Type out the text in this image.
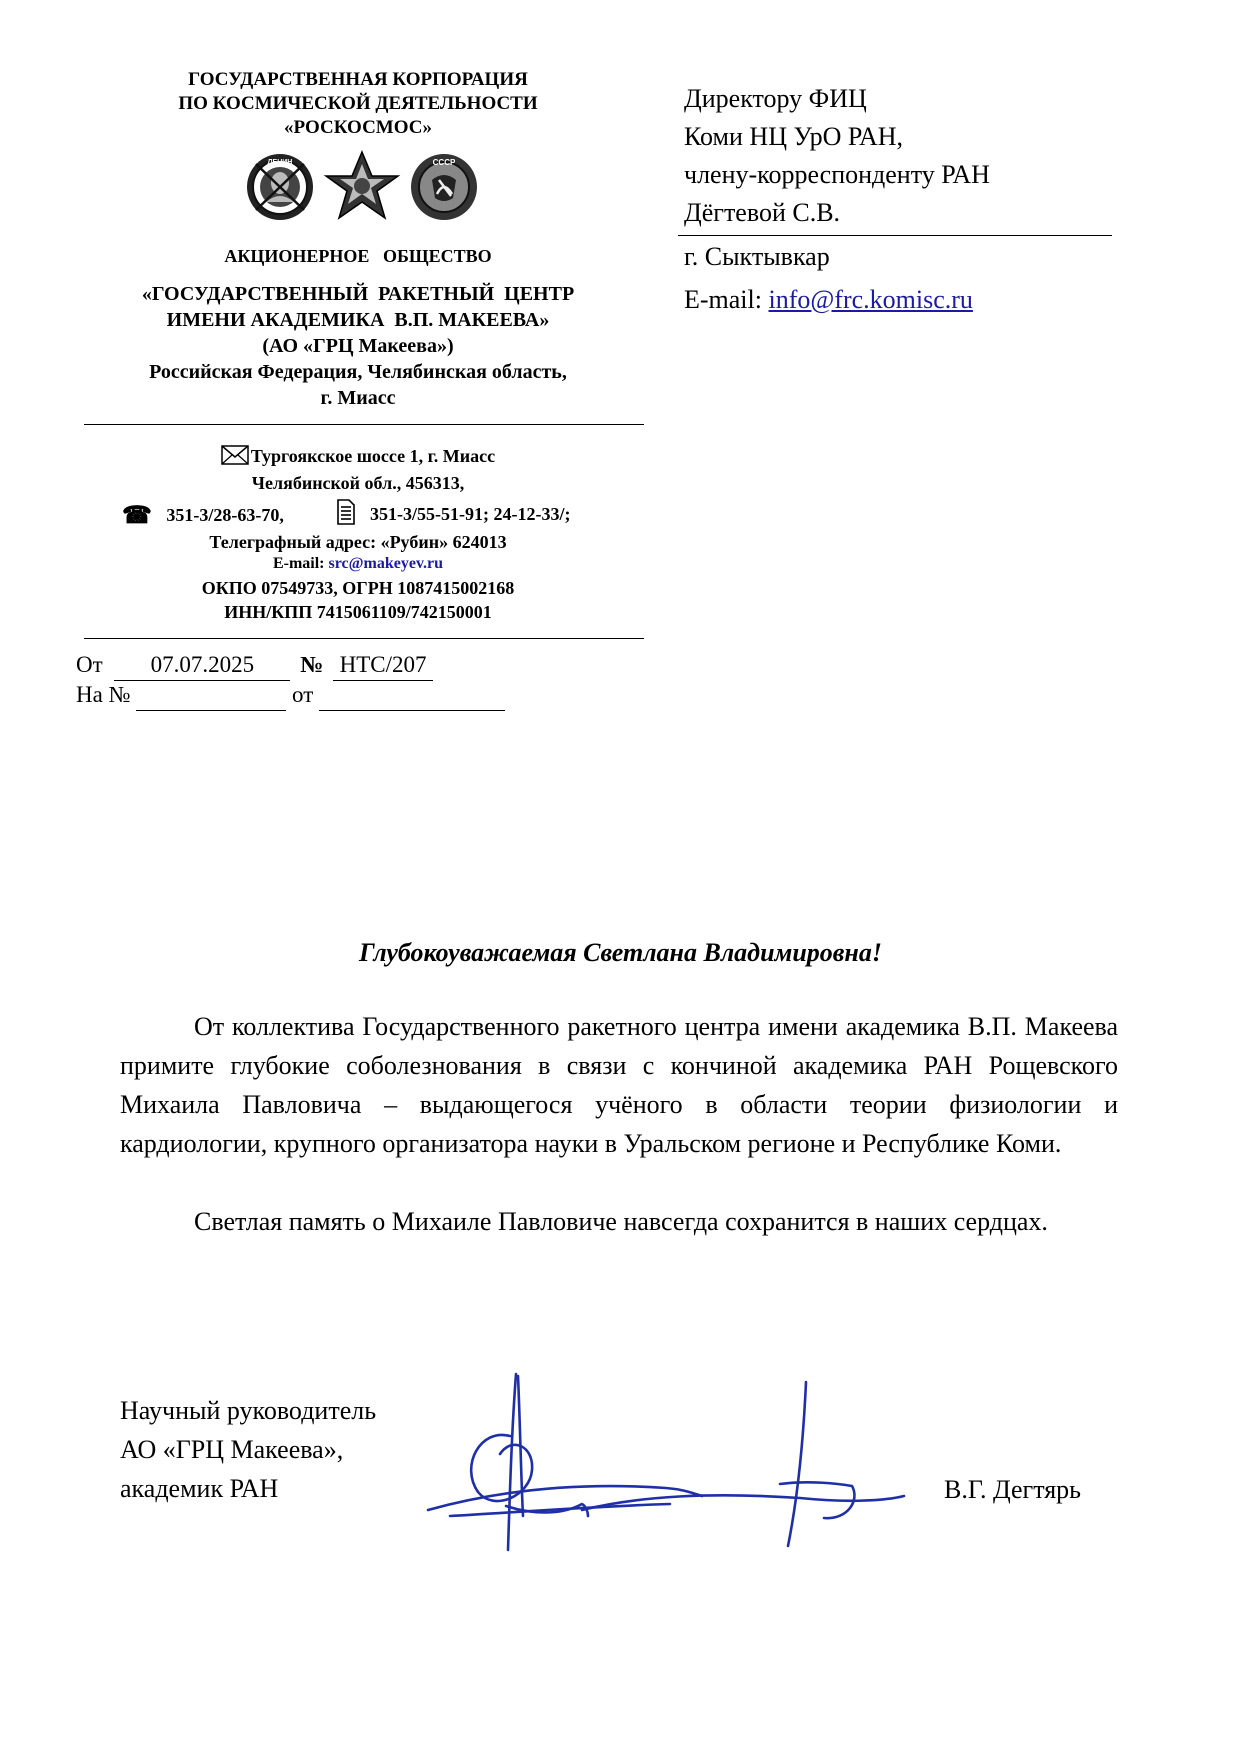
ГОСУДАРСТВЕННАЯ КОРПОРАЦИЯ
ПО КОСМИЧЕСКОЙ ДЕЯТЕЛЬНОСТИ
«РОСКОСМОС»
ЛЕНИН	СССР
АКЦИОНЕРНОЕ   ОБЩЕСТВО
«ГОСУДАРСТВЕННЫЙ  РАКЕТНЫЙ  ЦЕНТР
ИМЕНИ АКАДЕМИКА  В.П. МАКЕЕВА»
(АО «ГРЦ Макеева»)
Российская Федерация, Челябинская область,
г. Миасс
Тургоякское шоссе 1, г. Миасс
Челябинской обл., 456313,
☎ 351-3/28-63-70,	351-3/55-51-91; 24-12-33/;
Телеграфный адрес: «Рубин» 624013
E-mail: src@makeyev.ru
ОКПО 07549733, ОГРН 1087415002168
ИНН/КПП 7415061109/742150001
От 07.07.2025 № НТС/207
На №	от
Директору ФИЦ
Коми НЦ УрО РАН,
члену-корреспонденту РАН
Дёгтевой С.В.
г. Сыктывкар
E-mail: info@frc.komisc.ru
Глубокоуважаемая Светлана Владимировна!
От коллектива Государственного ракетного центра имени академика В.П. Макеева примите глубокие соболезнования в связи с кончиной академика РАН Рощевского Михаила Павловича – выдающегося учёного в области теории физиологии и кардиологии, крупного организатора науки в Уральском регионе и Республике Коми.
Светлая память о Михаиле Павловиче навсегда сохранится в наших сердцах.
Научный руководитель
АО «ГРЦ Макеева»,
академик РАН	В.Г. Дегтярь
